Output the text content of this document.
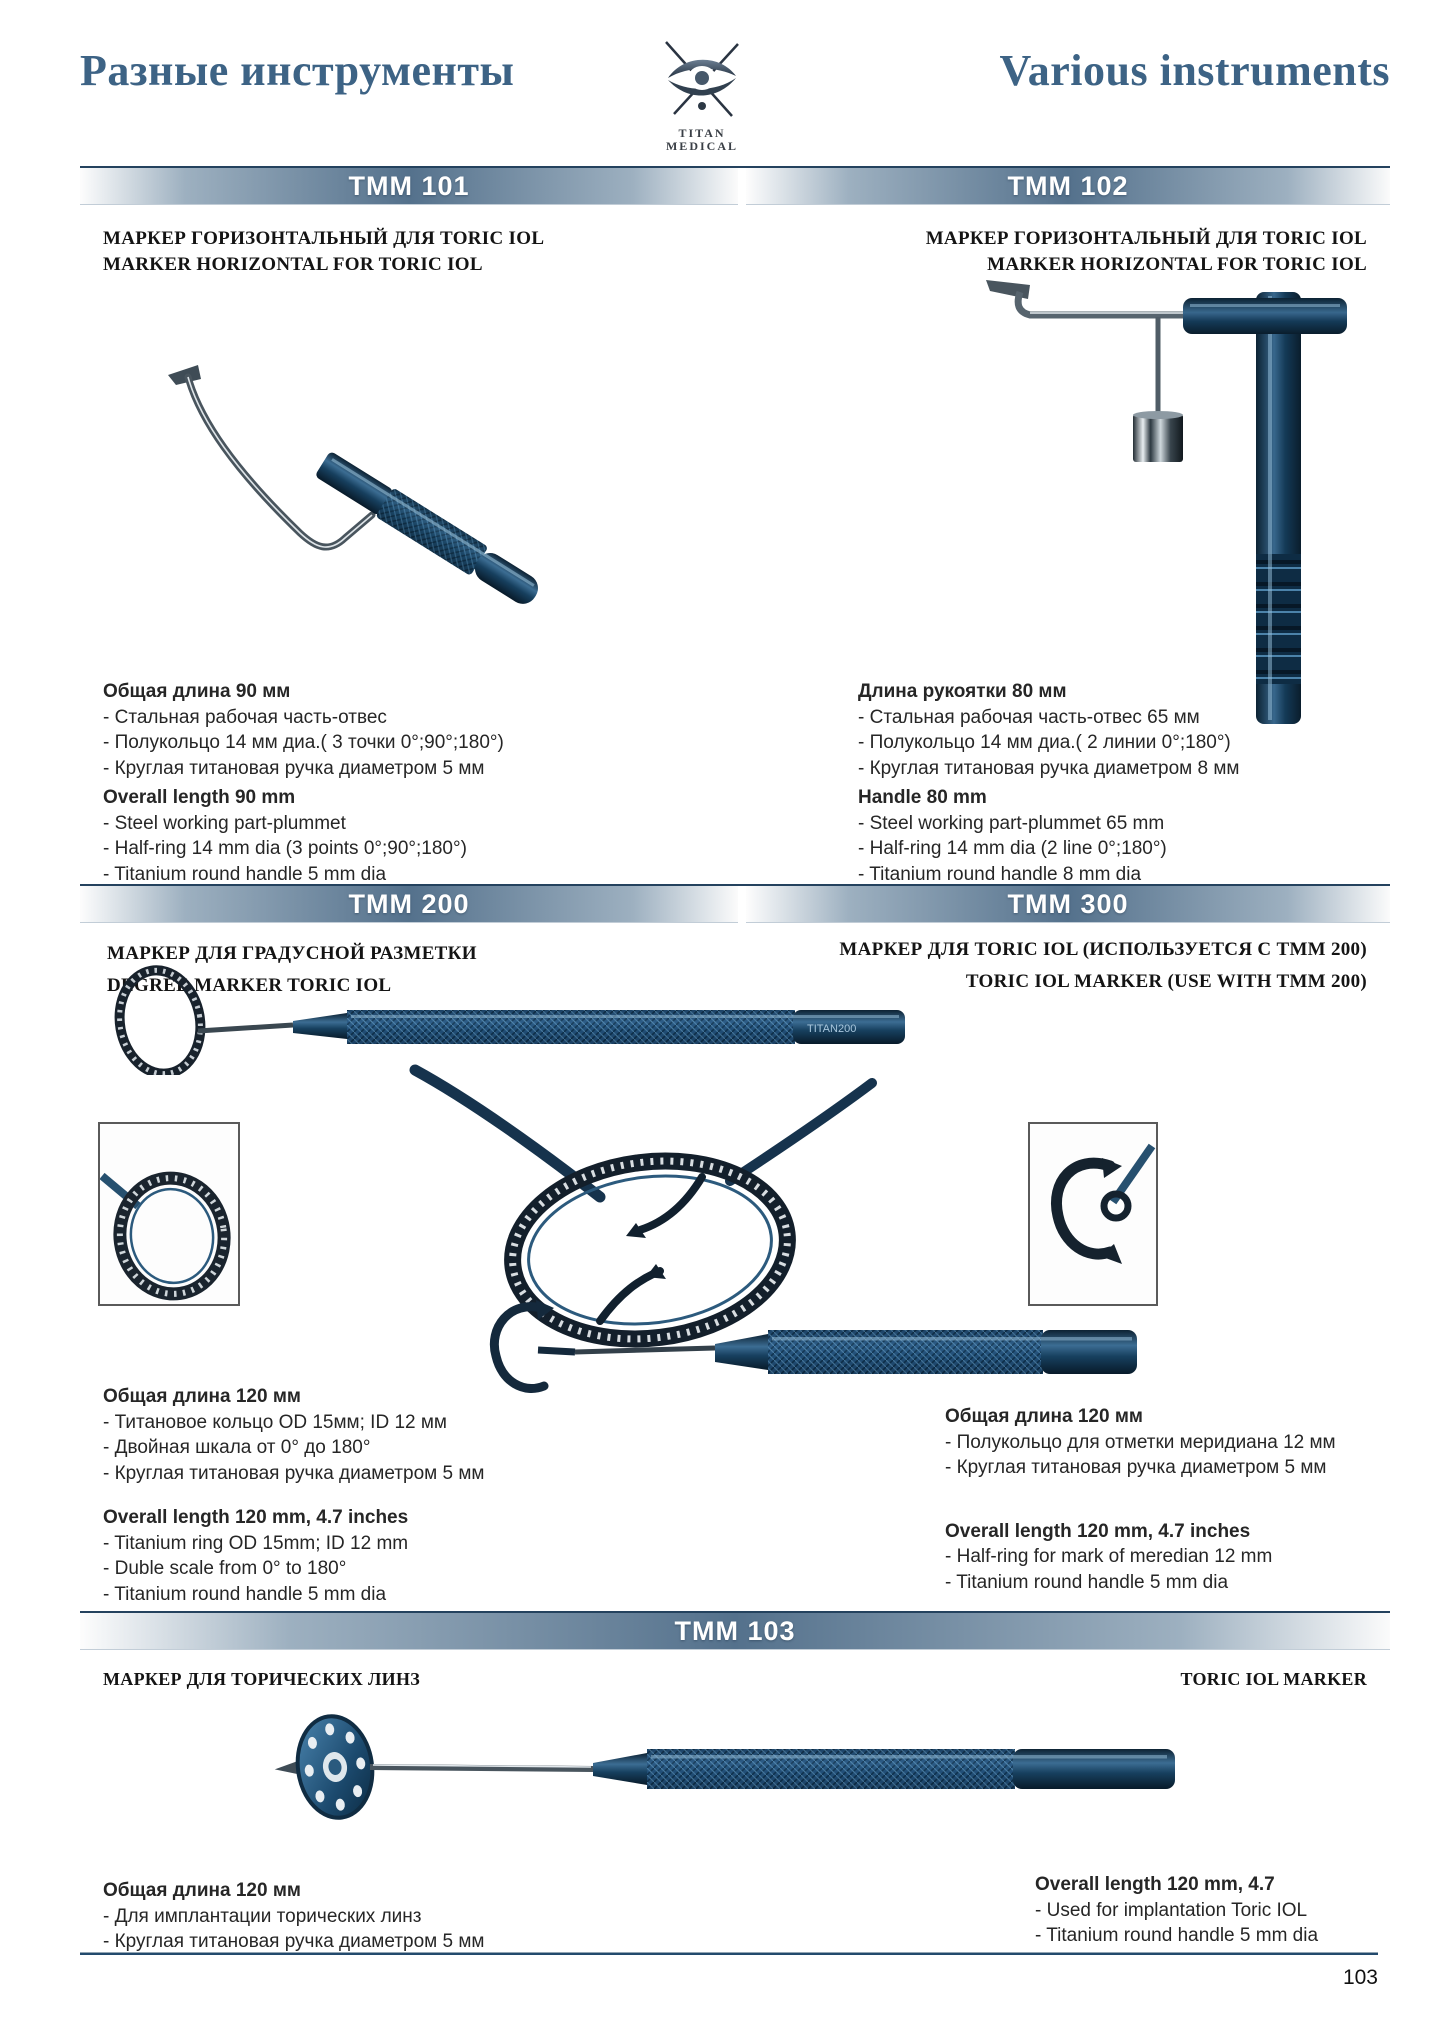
Разные инструменты	Various instruments
TITAN
MEDICAL
TMM 101	TMM 102
МАРКЕР ГОРИЗОНТАЛЬНЫЙ ДЛЯ TORIC IOL
MARKER HORIZONTAL FOR TORIC IOL
МАРКЕР ГОРИЗОНТАЛЬНЫЙ ДЛЯ TORIC IOL
MARKER HORIZONTAL FOR TORIC IOL
Общая длина 90 мм
- Стальная рабочая часть-отвес
- Полукольцо 14 мм диа.( 3 точки 0°;90°;180°)
- Круглая титановая ручка диаметром 5 мм
Overall length 90 mm
- Steel working part-plummet
- Half-ring 14 mm dia (3 points 0°;90°;180°)
- Titanium round handle 5 mm dia
Длина рукоятки 80 мм
- Стальная рабочая часть-отвес 65 мм
- Полукольцо 14 мм диа.( 2 линии 0°;180°)
- Круглая титановая ручка диаметром 8 мм
Handle 80 mm
- Steel working part-plummet 65 mm
- Half-ring 14 mm dia (2 line 0°;180°)
- Titanium round handle 8 mm dia
TMM 200	TMM 300
МАРКЕР ДЛЯ ГРАДУСНОЙ РАЗМЕТКИ
DEGREE MARKER TORIC IOL
МАРКЕР ДЛЯ TORIC IOL (ИСПОЛЬЗУЕТСЯ С TMM 200)
TORIC IOL MARKER (USE WITH TMM 200)
TITAN200
Общая длина 120 мм
- Титановое кольцо OD 15мм; ID 12 мм
- Двойная шкала от 0° до 180°
- Круглая титановая ручка диаметром 5 мм
Overall length 120 mm, 4.7 inches
- Titanium ring OD 15mm; ID 12 mm
- Duble scale from 0° to 180°
- Titanium round handle 5 mm dia
Общая длина 120 мм
- Полукольцо для отметки меридиана 12 мм
- Круглая титановая ручка диаметром 5 мм
Overall length 120 mm, 4.7 inches
- Half-ring for mark of meredian 12 mm
- Titanium round handle 5 mm dia
TMM 103
МАРКЕР ДЛЯ ТОРИЧЕСКИХ ЛИНЗ	TORIC IOL MARKER
Общая длина 120 мм
- Для имплантации торических линз
- Круглая титановая ручка диаметром 5 мм
Overall length 120 mm, 4.7
- Used for implantation Toric IOL
- Titanium round handle 5 mm dia
103
